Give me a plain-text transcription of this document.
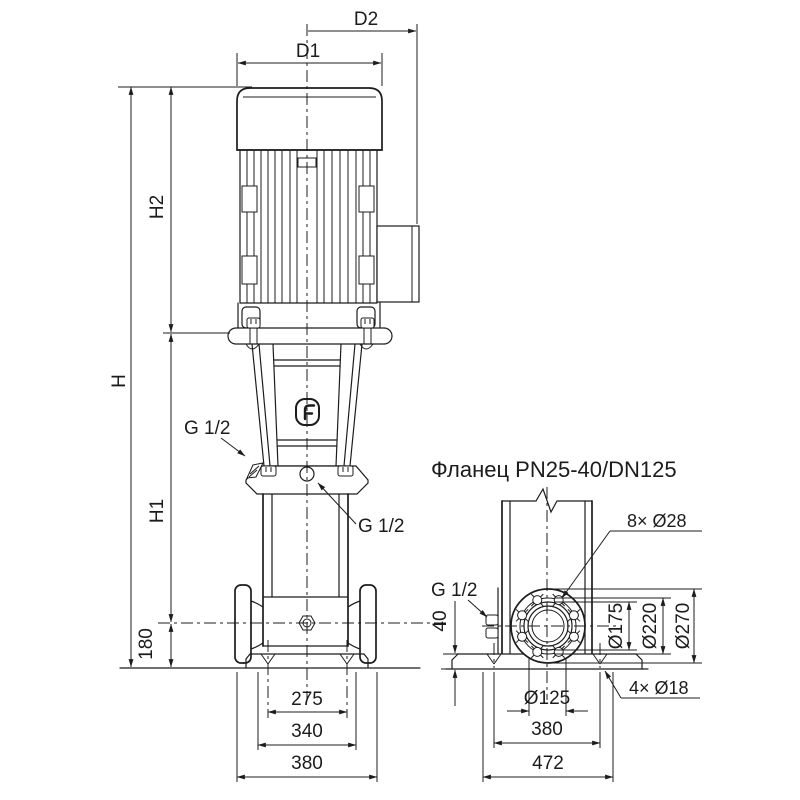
H
H2
H1
180
D1
D2
275
340
380
G 1/2
G 1/2
Фланец PN25-40/DN125
8× Ø28
G 1/2
40	Ø175 Ø220 Ø270
4× Ø18
Ø125
380
472
